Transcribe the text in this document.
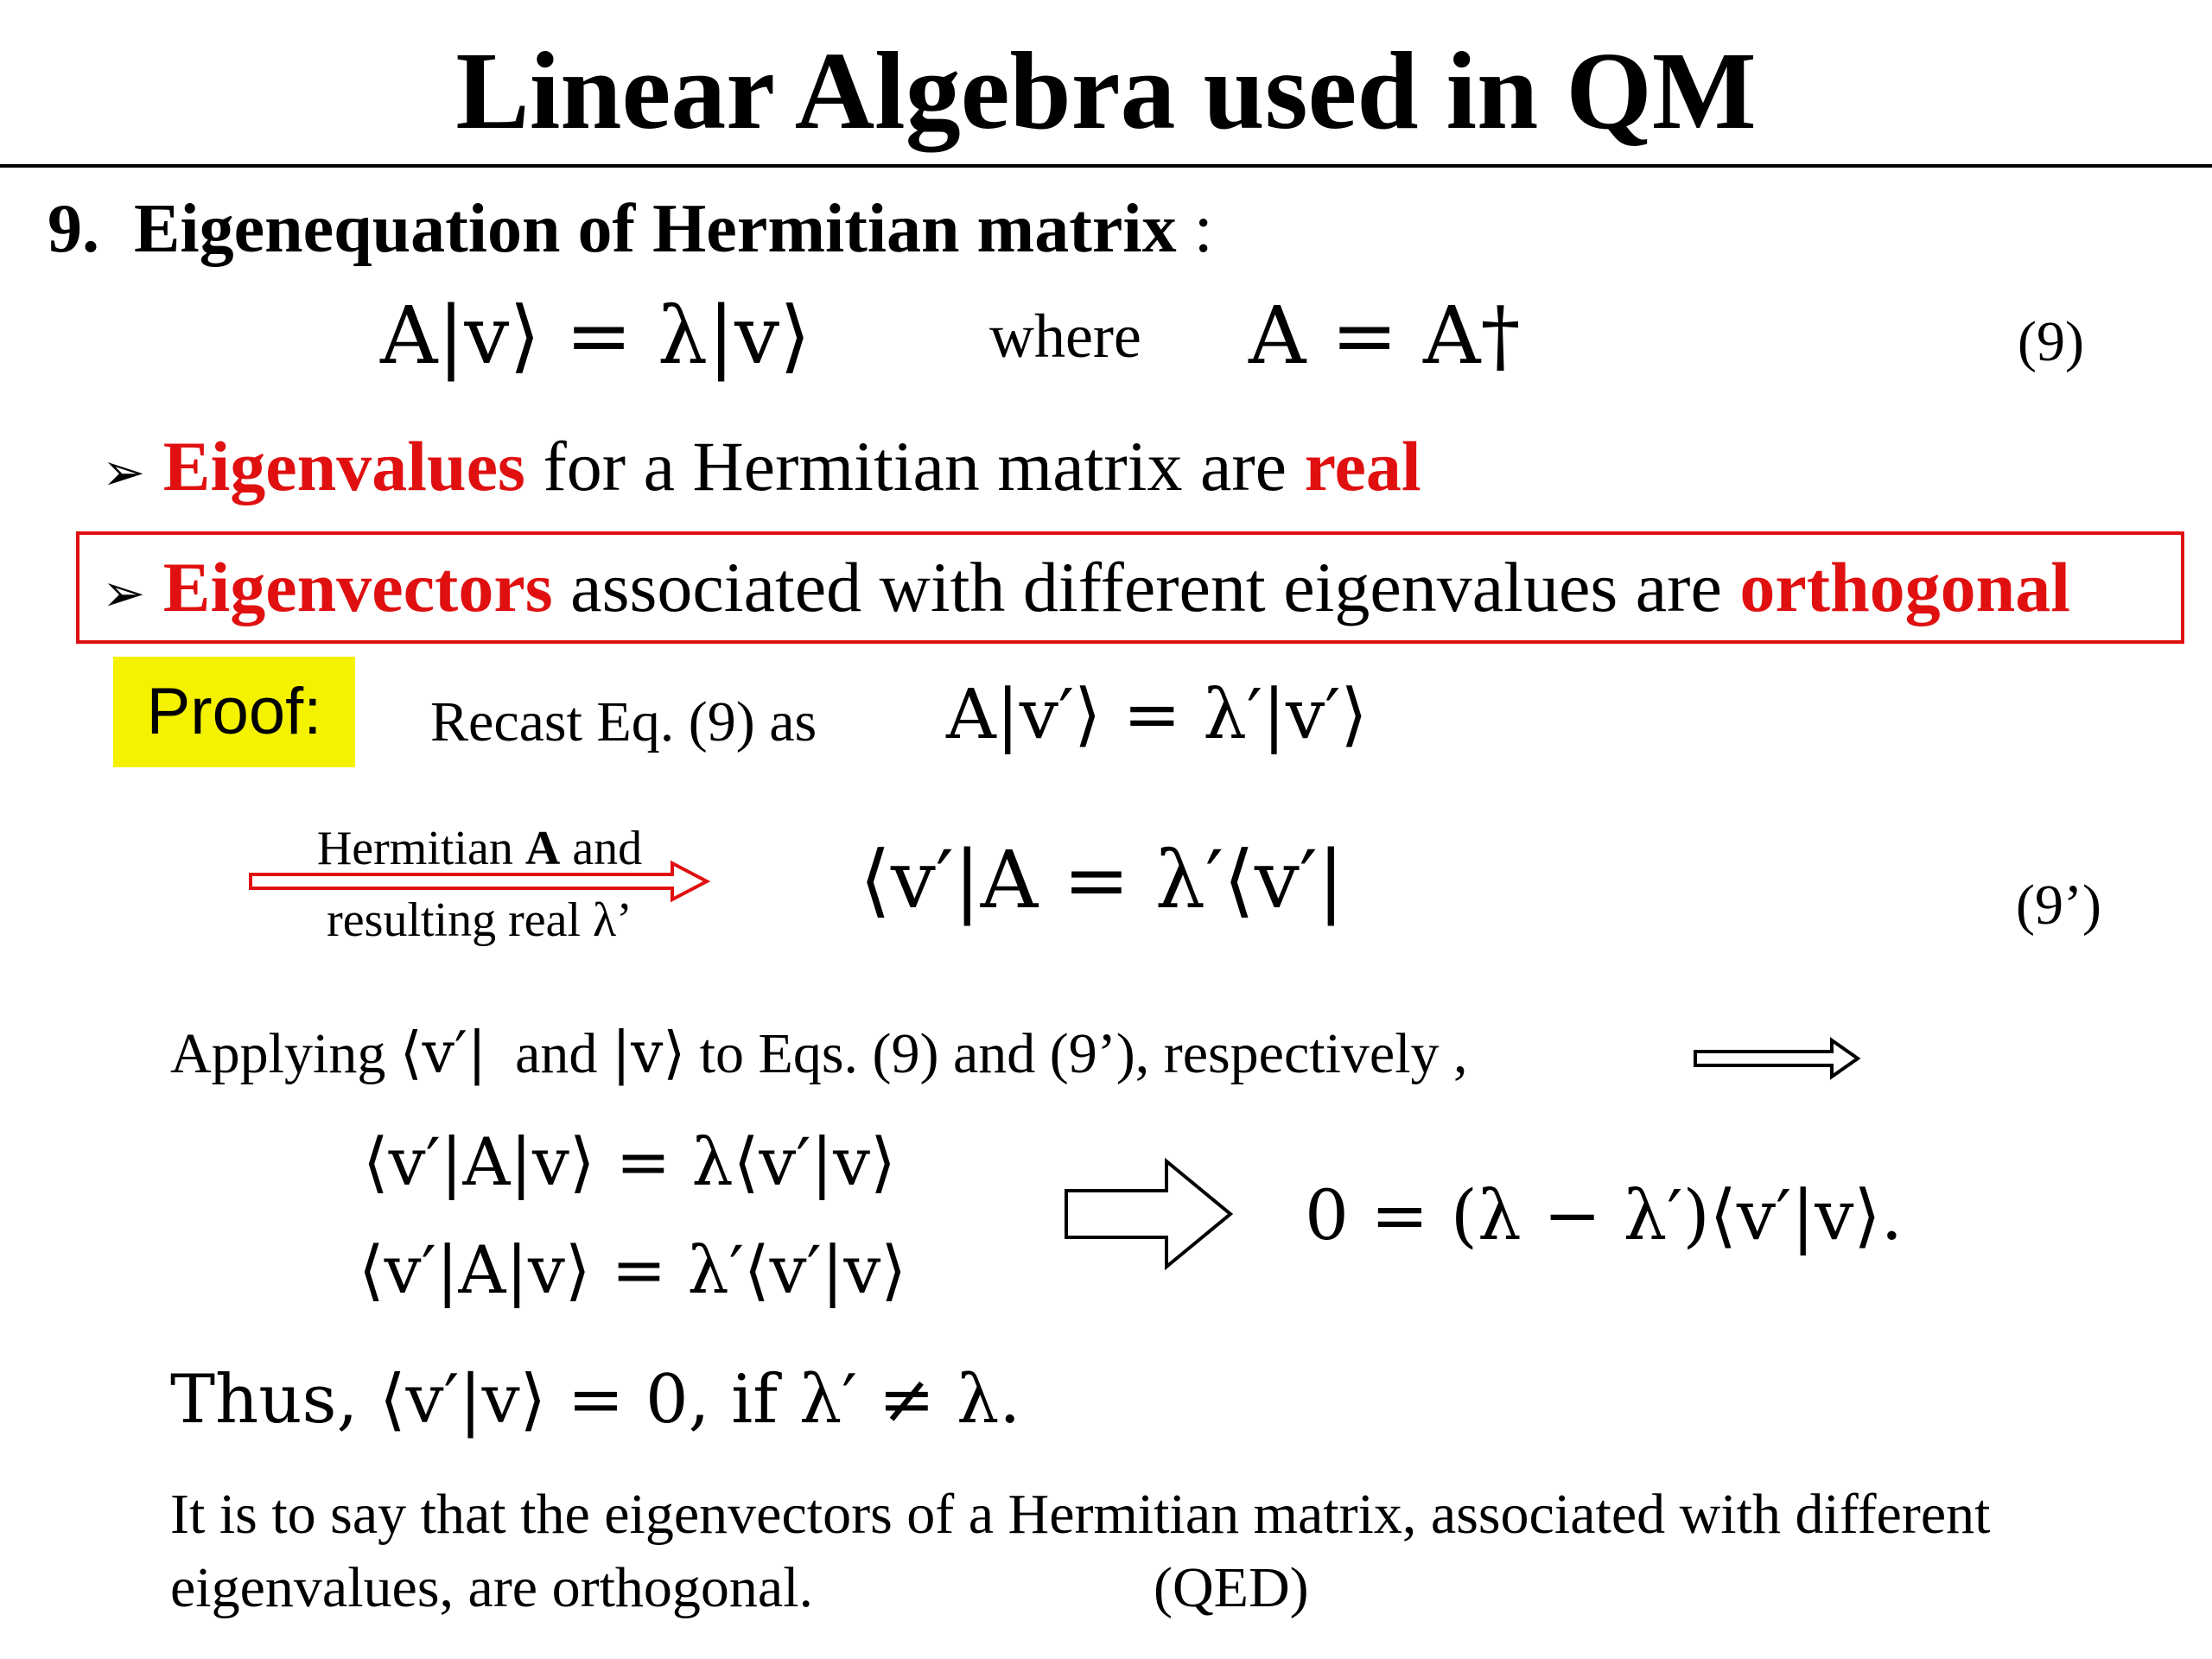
Linear Algebra used in QM
9. Eigenequation of Hermitian matrix :
A|v⟩ = λ|v⟩	where A = A†	(9)
➢ Eigenvalues for a Hermitian matrix are real
➢ Eigenvectors associated with different eigenvalues are orthogonal
Proof:	Recast Eq. (9) as A|v′⟩ = λ′|v′⟩
Hermitian A and
resulting real λ’	⟨v′|A = λ′⟨v′|	(9’)
Applying ⟨v′| and |v⟩ to Eqs. (9) and (9’), respectively ,
⟨v′|A|v⟩ = λ⟨v′|v⟩
⟨v′|A|v⟩ = λ′⟨v′|v⟩
0 = (λ − λ′)⟨v′|v⟩.
Thus, ⟨v′|v⟩ = 0, if λ′ ≠ λ.
It is to say that the eigenvectors of a Hermitian matrix, associated with different
eigenvalues, are orthogonal.	(QED)
